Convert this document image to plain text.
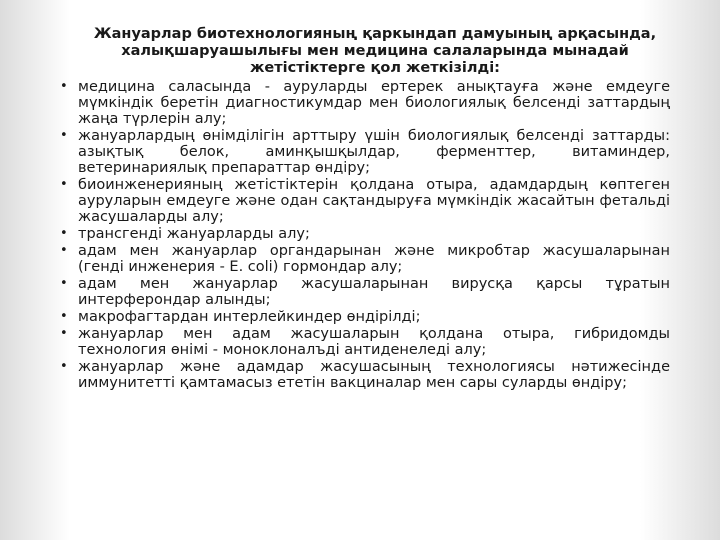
Жануарлар биотехнологияның қаркындап дамуының арқасында, халықшаруашылығы мен медицина салаларында мынадай жетістіктерге қол жеткізілді:
• медицина саласында - ауруларды ертерек анықтауға және емдеуге мүмкіндік беретін диагностикумдар мен биологиялық белсенді заттардың жаңа түрлерін алу;
• жануарлардың өнімділігін арттыру үшін биологиялық белсенді заттарды: азықтық белок, аминқышқылдар, ферменттер, витаминдер, ветеринариялық препараттар өндіру;
• биоинженерияның жетістіктерін қолдана отыра, адамдардың көптеген ауруларын емдеуге және одан сақтандыруға мүмкіндік жасайтын фетальді жасушаларды алу;
• трансгенді жануарларды алу;
• адам мен жануарлар органдарынан және микробтар жасушаларынан (генді инженерия - E. coli) гормондар алу;
• адам мен жануарлар жасушаларынан вирусқа қарсы тұратын интерферондар алынды;
• макрофагтардан интерлейкиндер өндірілді;
• жануарлар мен адам жасушаларын қолдана отыра, гибридомды технология өнімі - моноклоналъді антиденеледі алу;
• жануарлар және адамдар жасушасының технологиясы нәтижесінде иммунитетті қамтамасыз ететін вакциналар мен сары суларды өндіру;
